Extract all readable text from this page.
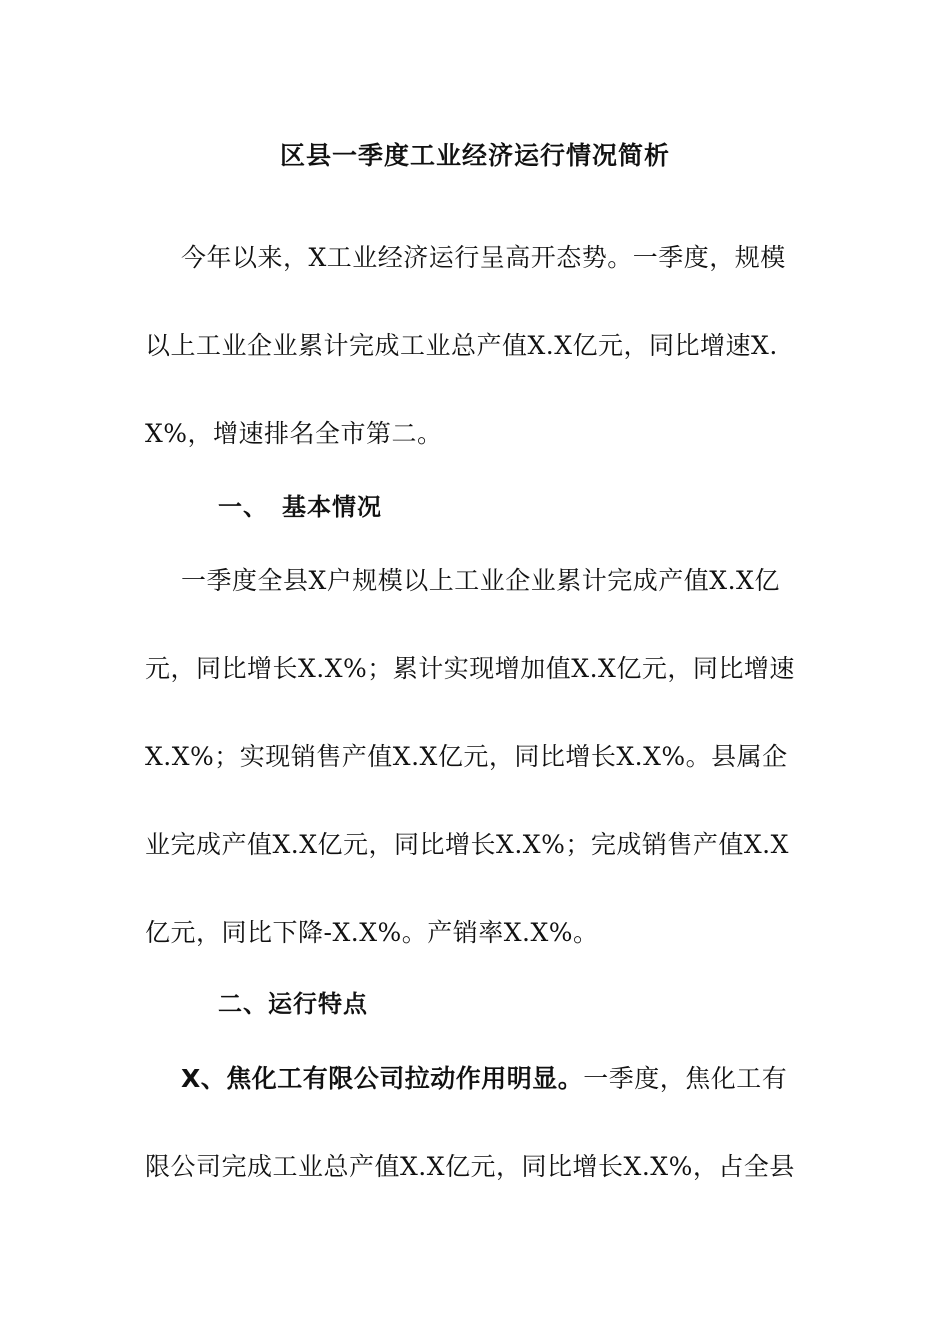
区县一季度工业经济运行情况简析
今年以来，X工业经济运行呈高开态势。一季度，规模以上工业企业累计完成工业总产值X.X亿元，同比增速X.X%，增速排名全市第二。
一、 基本情况
一季度全县X户规模以上工业企业累计完成产值X.X亿元，同比增长X.X%；累计实现增加值X.X亿元，同比增速X.X%；实现销售产值X.X亿元，同比增长X.X%。县属企业完成产值X.X亿元，同比增长X.X%；完成销售产值X.X亿元，同比下降-X.X%。产销率X.X%。
二、运行特点
X、焦化工有限公司拉动作用明显。一季度，焦化工有限公司完成工业总产值X.X亿元，同比增长X.X%，占全县
